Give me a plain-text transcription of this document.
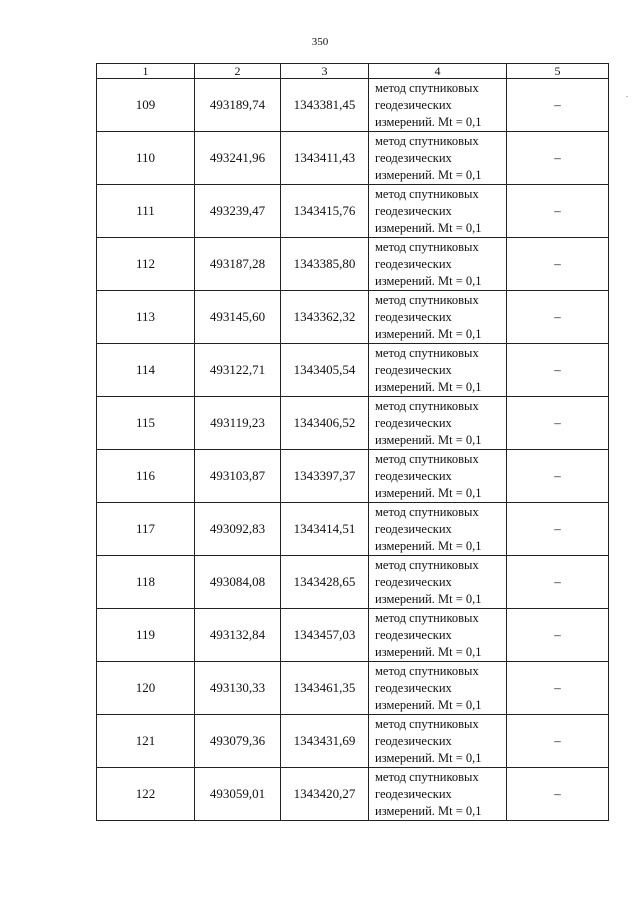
350
.
1	2	3	4	5
109	493189,74	1343381,45	метод спутниковых
геодезических
измерений. Mt = 0,1	–
110	493241,96	1343411,43	метод спутниковых
геодезических
измерений. Mt = 0,1	–
111	493239,47	1343415,76	метод спутниковых
геодезических
измерений. Mt = 0,1	–
112	493187,28	1343385,80	метод спутниковых
геодезических
измерений. Mt = 0,1	–
113	493145,60	1343362,32	метод спутниковых
геодезических
измерений. Mt = 0,1	–
114	493122,71	1343405,54	метод спутниковых
геодезических
измерений. Mt = 0,1	–
115	493119,23	1343406,52	метод спутниковых
геодезических
измерений. Mt = 0,1	–
116	493103,87	1343397,37	метод спутниковых
геодезических
измерений. Mt = 0,1	–
117	493092,83	1343414,51	метод спутниковых
геодезических
измерений. Mt = 0,1	–
118	493084,08	1343428,65	метод спутниковых
геодезических
измерений. Mt = 0,1	–
119	493132,84	1343457,03	метод спутниковых
геодезических
измерений. Mt = 0,1	–
120	493130,33	1343461,35	метод спутниковых
геодезических
измерений. Mt = 0,1	–
121	493079,36	1343431,69	метод спутниковых
геодезических
измерений. Mt = 0,1	–
122	493059,01	1343420,27	метод спутниковых
геодезических
измерений. Mt = 0,1	–
